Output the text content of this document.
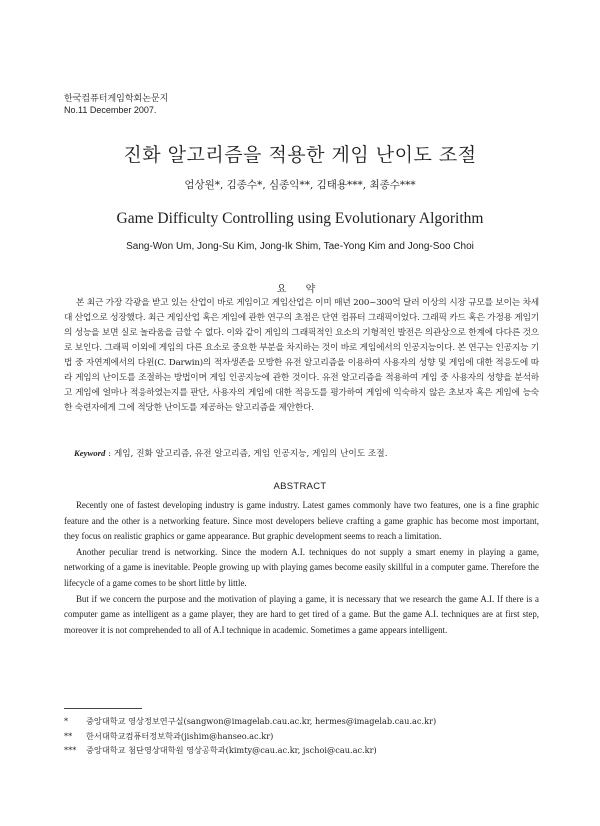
한국컴퓨터게임학회논문지
No.11 December 2007.
진화 알고리즘을 적용한 게임 난이도 조절
엄상원*, 김종수*, 심종익**, 김태용***, 최종수***
Game Difficulty Controlling using Evolutionary Algorithm
Sang-Won Um, Jong-Su Kim, Jong-Ik Shim, Tae-Yong Kim and Jong-Soo Choi
요 약
본 최근 가장 각광을 받고 있는 산업이 바로 게임이고 게임산업은 이미 매년 200~300억 달러 이상의 시장 규모를 보이는 차세대 산업으로 성장했다. 최근 게임산업 혹은 게임에 관한 연구의 초점은 단연 컴퓨터 그래픽이었다. 그래픽 카드 혹은 가정용 게임기의 성능을 보면 실로 놀라움을 금할 수 없다. 이와 같이 게임의 그래픽적인 요소의 기형적인 발전은 의관상으로 한계에 다다른 것으로 보인다. 그래픽 이외에 게임의 다른 요소로 중요한 부분을 차지하는 것이 바로 게임에서의 인공지능이다. 본 연구는 인공지능 기법 중 자연계에서의 다윈(C. Darwin)의 적자생존을 모방한 유전 알고리즘을 이용하여 사용자의 성향 및 게임에 대한 적응도에 따라 게임의 난이도를 조절하는 방법이며 게임 인공지능에 관한 것이다. 유전 알고리즘을 적용하여 게임 중 사용자의 성향을 분석하고 게임에 얼마나 적응하였는지를 판단, 사용자의 게임에 대한 적응도를 평가하여 게임에 익숙하지 않은 초보자 혹은 게임에 능숙한 숙련자에게 그에 적당한 난이도를 제공하는 알고리즘을 제안한다.
Keyword : 게임, 진화 알고리즘, 유전 알고리즘, 게임 인공지능, 게임의 난이도 조절.
ABSTRACT

Recently one of fastest developing industry is game industry. Latest games commonly have two features, one is a fine graphic feature and the other is a networking feature. Since most developers believe crafting a game graphic has become most important, they focus on realistic graphics or game appearance. But graphic development seems to reach a limitation.

Another peculiar trend is networking. Since the modern A.I. techniques do not supply a smart enemy in playing a game, networking of a game is inevitable. People growing up with playing games become easily skillful in a computer game. Therefore the lifecycle of a game comes to be short little by little.

But if we concern the purpose and the motivation of playing a game, it is necessary that we research the game A.I. If there is a computer game as intelligent as a game player, they are hard to get tired of a game. But the game A.I. techniques are at first step, moreover it is not comprehended to all of A.I technique in academic. Sometimes a game appears intelligent.

* 중앙대학교 영상정보연구실(sangwon@imagelab.cau.ac.kr, hermes@imagelab.cau.ac.kr)
** 한서대학교컴퓨터정보학과(jishim@hanseo.ac.kr)
*** 중앙대학교 첨단영상대학원 영상공학과(kimty@cau.ac.kr, jschoi@cau.ac.kr)
